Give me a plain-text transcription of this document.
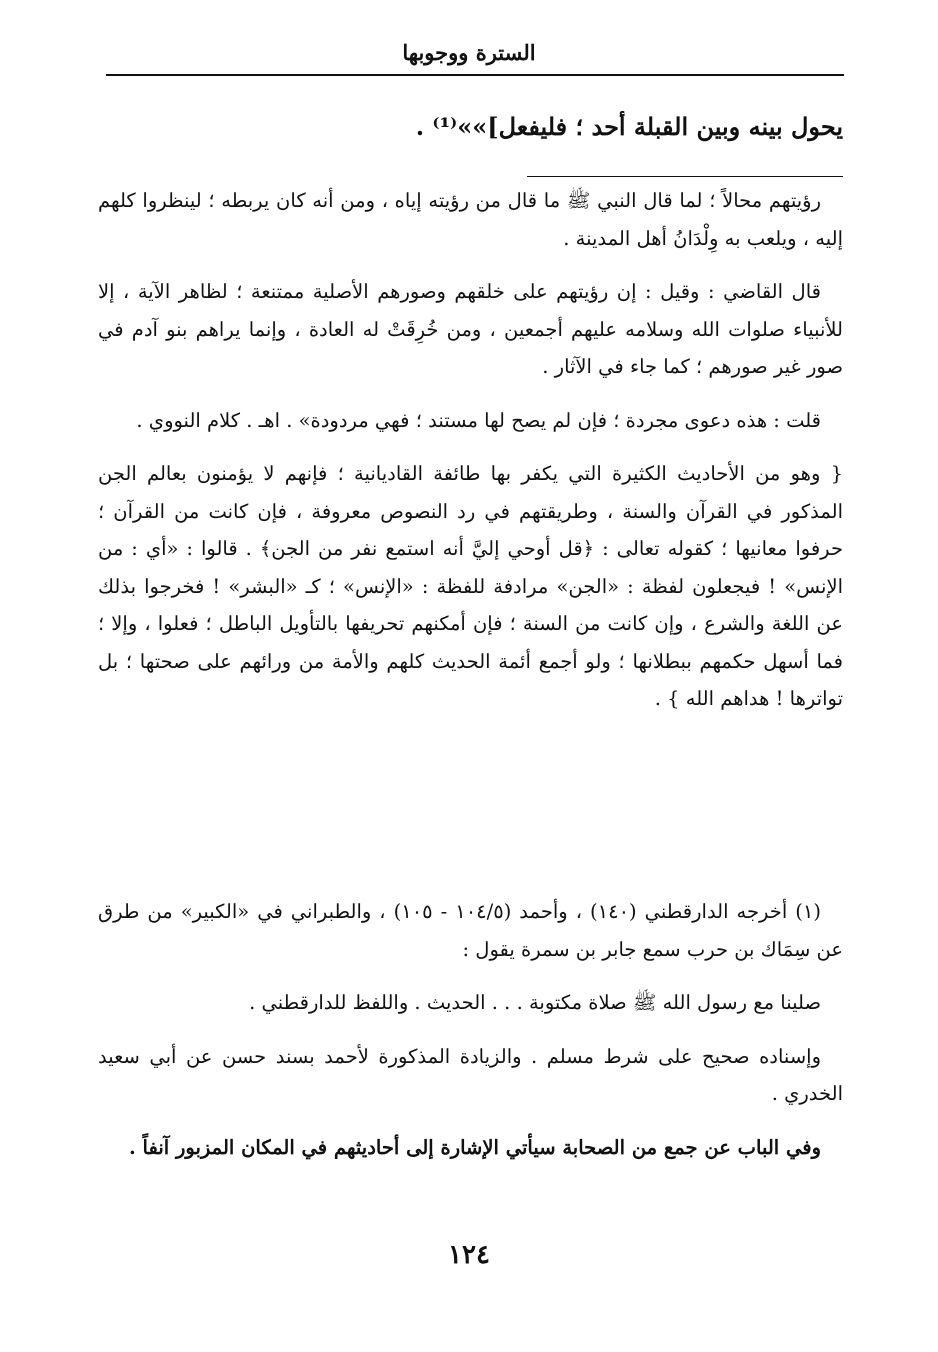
السترة ووجوبها
يحول بينه وبين القبلة أحد ؛ فليفعل]»»⁽¹⁾ .

رؤيتهم محالاً ؛ لما قال النبي ﷺ ما قال من رؤيته إياه ، ومن أنه كان يربطه ؛ لينظروا كلهم إليه ، ويلعب به وِلْدَانُ أهل المدينة .

قال القاضي : وقيل : إن رؤيتهم على خلقهم وصورهم الأصلية ممتنعة ؛ لظاهر الآية ، إلا للأنبياء صلوات الله وسلامه عليهم أجمعين ، ومن خُرِقَتْ له العادة ، وإنما يراهم بنو آدم في صور غير صورهم ؛ كما جاء في الآثار .

قلت : هذه دعوى مجردة ؛ فإن لم يصح لها مستند ؛ فهي مردودة» . اهـ . كلام النووي .

{ وهو من الأحاديث الكثيرة التي يكفر بها طائفة القاديانية ؛ فإنهم لا يؤمنون بعالم الجن المذكور في القرآن والسنة ، وطريقتهم في رد النصوص معروفة ، فإن كانت من القرآن ؛ حرفوا معانيها ؛ كقوله تعالى : ﴿قل أوحي إليَّ أنه استمع نفر من الجن﴾ . قالوا : «أي : من الإنس» ! فيجعلون لفظة : «الجن» مرادفة للفظة : «الإنس» ؛ كـ «البشر» ! فخرجوا بذلك عن اللغة والشرع ، وإن كانت من السنة ؛ فإن أمكنهم تحريفها بالتأويل الباطل ؛ فعلوا ، وإلا ؛ فما أسهل حكمهم ببطلانها ؛ ولو أجمع أئمة الحديث كلهم والأمة من ورائهم على صحتها ؛ بل تواترها ! هداهم الله } .

(١) أخرجه الدارقطني (١٤٠) ، وأحمد (١٠٤/٥ - ١٠٥) ، والطبراني في «الكبير» من طرق عن سِمَاك بن حرب سمع جابر بن سمرة يقول :

صلينا مع رسول الله ﷺ صلاة مكتوبة . . . الحديث . واللفظ للدارقطني .

وإسناده صحيح على شرط مسلم . والزيادة المذكورة لأحمد بسند حسن عن أبي سعيد الخدري .

وفي الباب عن جمع من الصحابة سيأتي الإشارة إلى أحاديثهم في المكان المزبور آنفاً .

١٢٤
